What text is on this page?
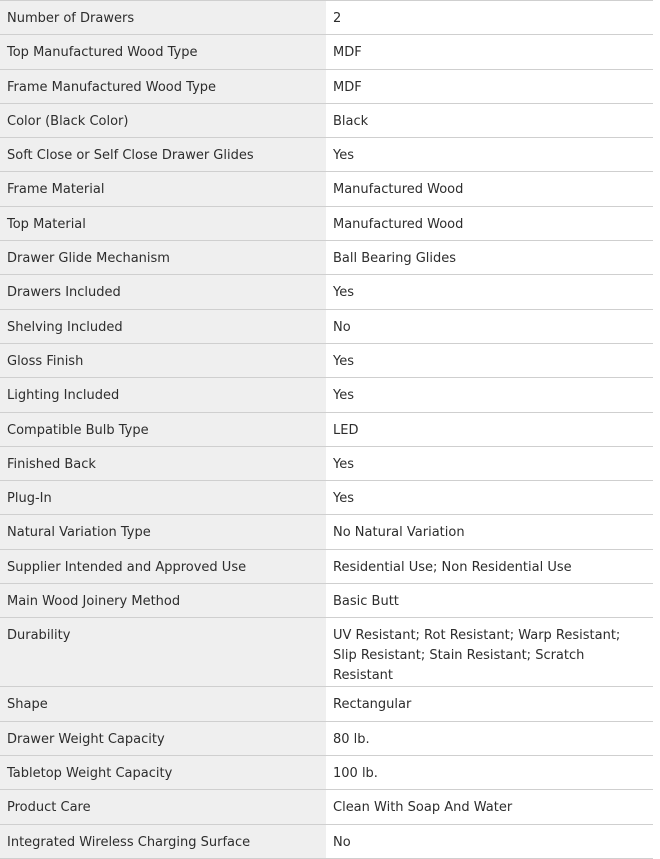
Number of Drawers	2
Top Manufactured Wood Type	MDF
Frame Manufactured Wood Type	MDF
Color (Black Color)	Black
Soft Close or Self Close Drawer Glides	Yes
Frame Material	Manufactured Wood
Top Material	Manufactured Wood
Drawer Glide Mechanism	Ball Bearing Glides
Drawers Included	Yes
Shelving Included	No
Gloss Finish	Yes
Lighting Included	Yes
Compatible Bulb Type	LED
Finished Back	Yes
Plug-In	Yes
Natural Variation Type	No Natural Variation
Supplier Intended and Approved Use	Residential Use; Non Residential Use
Main Wood Joinery Method	Basic Butt
Durability	UV Resistant; Rot Resistant; Warp Resistant; Slip Resistant; Stain Resistant; Scratch Resistant
Shape	Rectangular
Drawer Weight Capacity	80 lb.
Tabletop Weight Capacity	100 lb.
Product Care	Clean With Soap And Water
Integrated Wireless Charging Surface	No
